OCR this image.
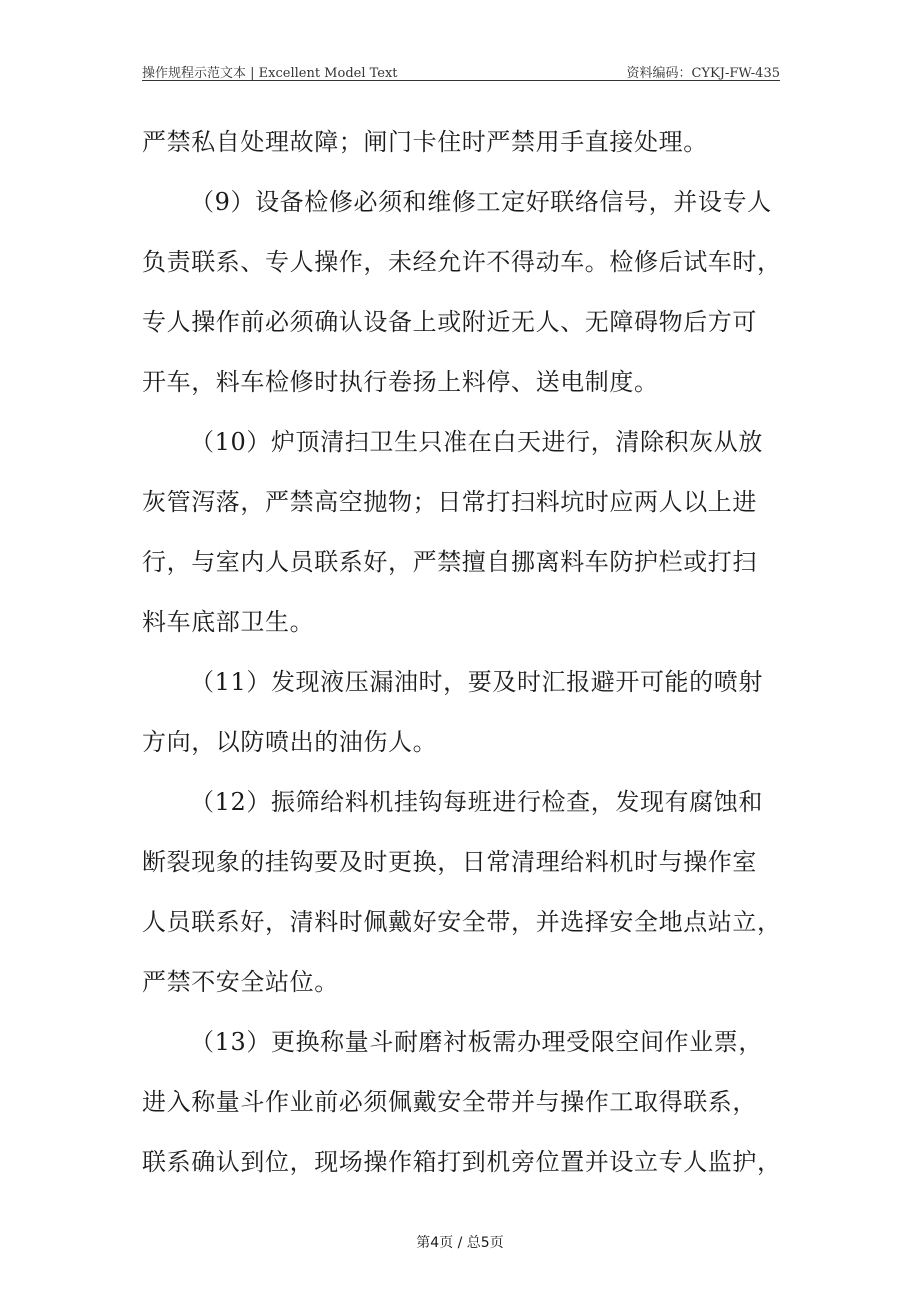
操作规程示范文本 | Excellent Model Text	资料编码：CYKJ-FW-435
严禁私自处理故障；闸门卡住时严禁用手直接处理。
（9）设备检修必须和维修工定好联络信号，并设专人
负责联系、专人操作，未经允许不得动车。检修后试车时，
专人操作前必须确认设备上或附近无人、无障碍物后方可
开车，料车检修时执行卷扬上料停、送电制度。
（10）炉顶清扫卫生只准在白天进行，清除积灰从放
灰管泻落，严禁高空抛物；日常打扫料坑时应两人以上进
行，与室内人员联系好，严禁擅自挪离料车防护栏或打扫
料车底部卫生。
（11）发现液压漏油时，要及时汇报避开可能的喷射
方向，以防喷出的油伤人。
（12）振筛给料机挂钩每班进行检查，发现有腐蚀和
断裂现象的挂钩要及时更换，日常清理给料机时与操作室
人员联系好，清料时佩戴好安全带，并选择安全地点站立，
严禁不安全站位。
（13）更换称量斗耐磨衬板需办理受限空间作业票，
进入称量斗作业前必须佩戴安全带并与操作工取得联系，
联系确认到位，现场操作箱打到机旁位置并设立专人监护，
第4页 / 总5页
